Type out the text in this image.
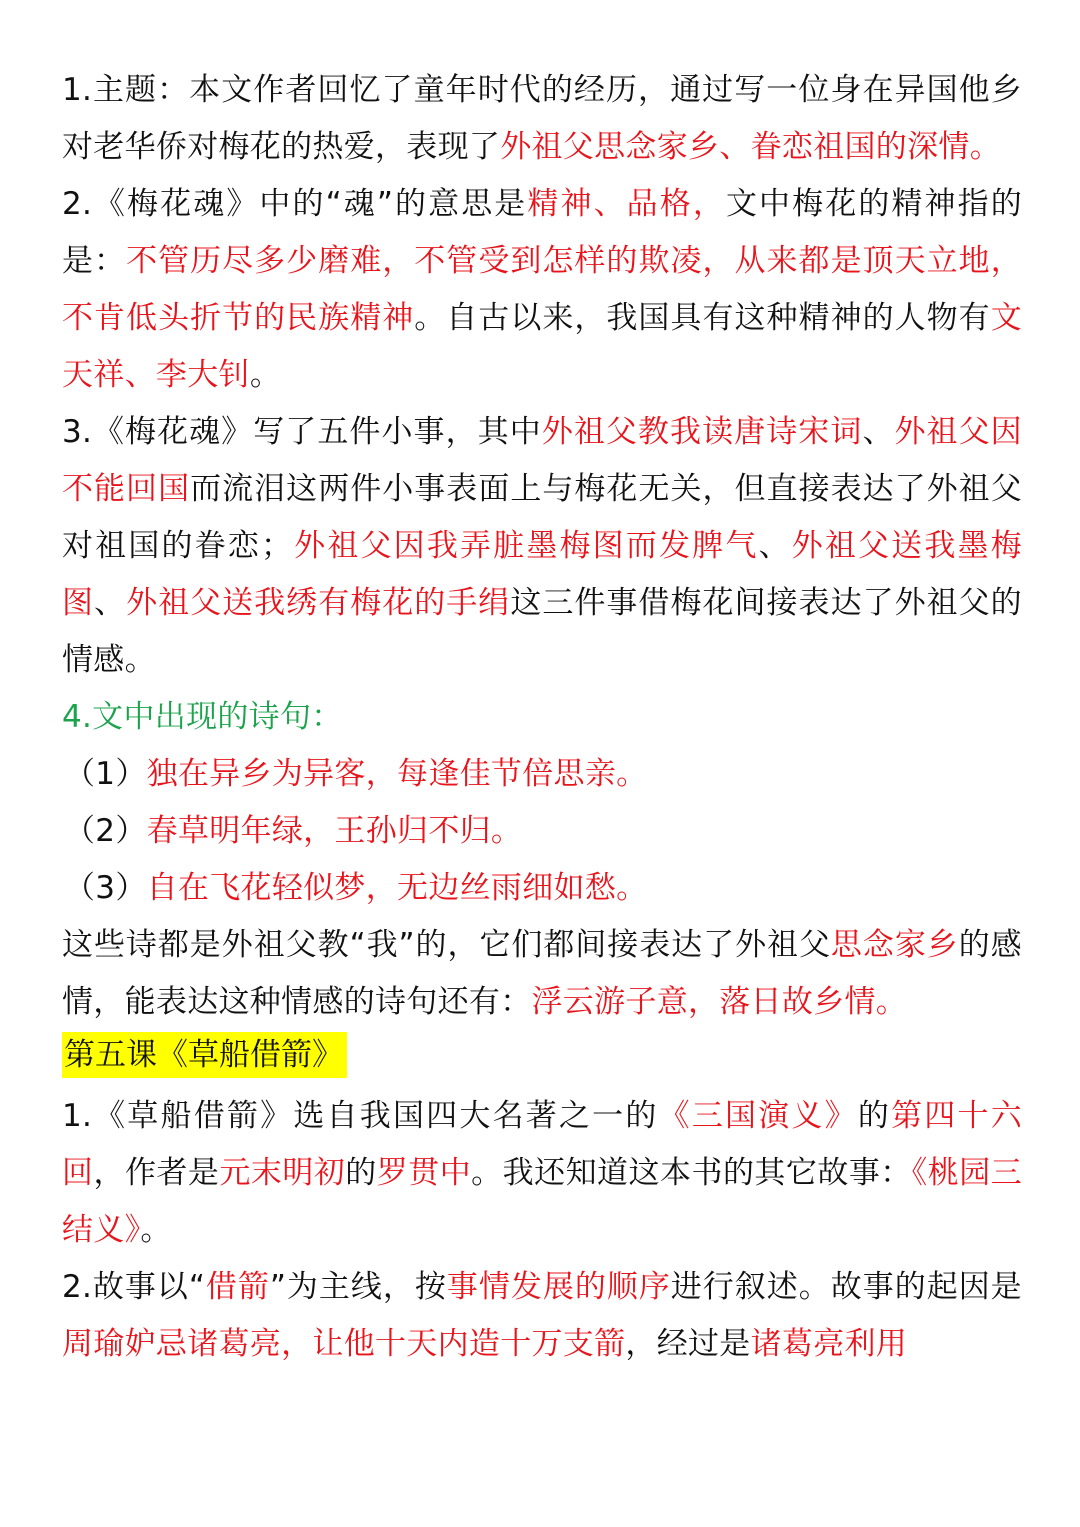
1.主题：本文作者回忆了童年时代的经历，通过写一位身在异国他乡对老华侨对梅花的热爱，表现了外祖父思念家乡、眷恋祖国的深情。

2.《梅花魂》中的“魂”的意思是精神、品格，文中梅花的精神指的是：不管历尽多少磨难，不管受到怎样的欺凌，从来都是顶天立地，不肯低头折节的民族精神。自古以来，我国具有这种精神的人物有文天祥、李大钊。

3.《梅花魂》写了五件小事，其中外祖父教我读唐诗宋词、外祖父因不能回国而流泪这两件小事表面上与梅花无关，但直接表达了外祖父对祖国的眷恋；外祖父因我弄脏墨梅图而发脾气、外祖父送我墨梅图、外祖父送我绣有梅花的手绢这三件事借梅花间接表达了外祖父的情感。

4.文中出现的诗句：

（1）独在异乡为异客，每逢佳节倍思亲。

（2）春草明年绿，王孙归不归。

（3）自在飞花轻似梦，无边丝雨细如愁。

这些诗都是外祖父教“我”的，它们都间接表达了外祖父思念家乡的感情，能表达这种情感的诗句还有：浮云游子意，落日故乡情。

第五课《草船借箭》

1.《草船借箭》选自我国四大名著之一的《三国演义》的第四十六回，作者是元末明初的罗贯中。我还知道这本书的其它故事：《桃园三结义》。

2.故事以“借箭”为主线，按事情发展的顺序进行叙述。故事的起因是周瑜妒忌诸葛亮，让他十天内造十万支箭，经过是诸葛亮利用
